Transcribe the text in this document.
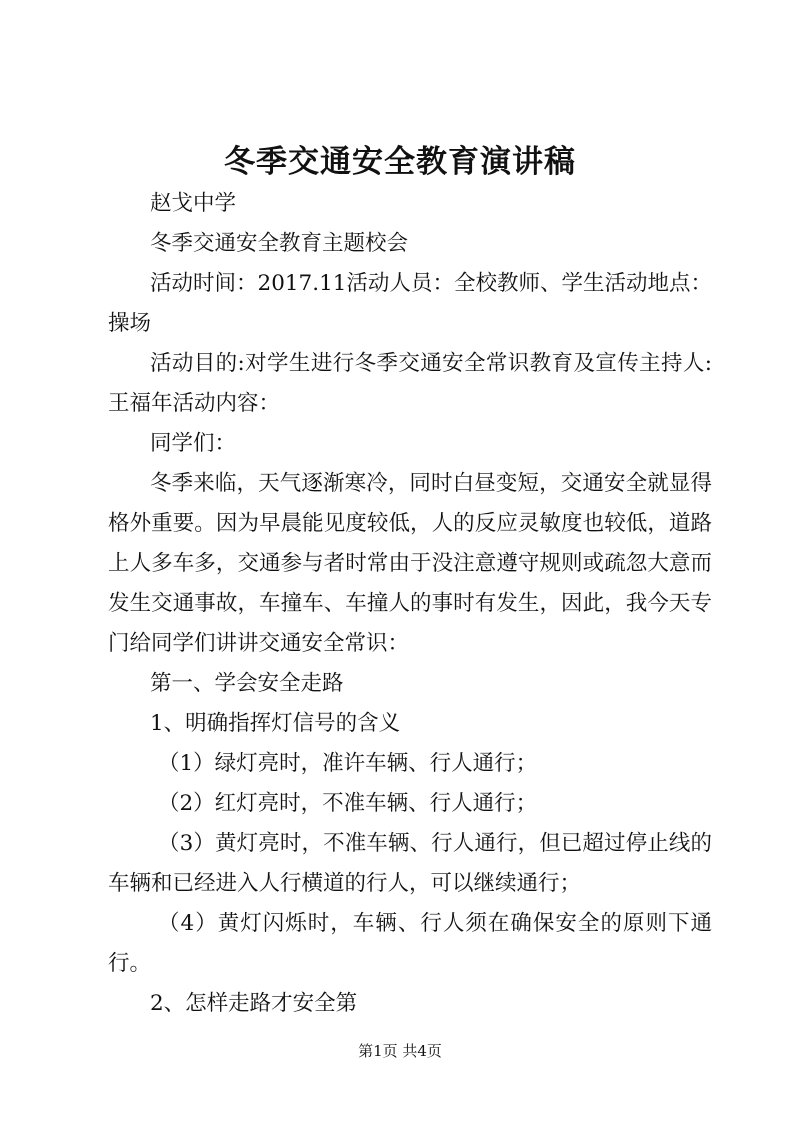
冬季交通安全教育演讲稿

赵戈中学

冬季交通安全教育主题校会

活动时间：2017.11活动人员：全校教师、学生活动地点：操场

活动目的:对学生进行冬季交通安全常识教育及宣传主持人:王福年活动内容：

同学们：

冬季来临，天气逐渐寒冷，同时白昼变短，交通安全就显得格外重要。因为早晨能见度较低，人的反应灵敏度也较低，道路上人多车多，交通参与者时常由于没注意遵守规则或疏忽大意而发生交通事故，车撞车、车撞人的事时有发生，因此，我今天专门给同学们讲讲交通安全常识：

第一、学会安全走路

1、明确指挥灯信号的含义

（1）绿灯亮时，准许车辆、行人通行；

（2）红灯亮时，不准车辆、行人通行；

（3）黄灯亮时，不准车辆、行人通行，但已超过停止线的车辆和已经进入人行横道的行人，可以继续通行；

（4）黄灯闪烁时，车辆、行人须在确保安全的原则下通行。

2、怎样走路才安全第

第1页 共4页
